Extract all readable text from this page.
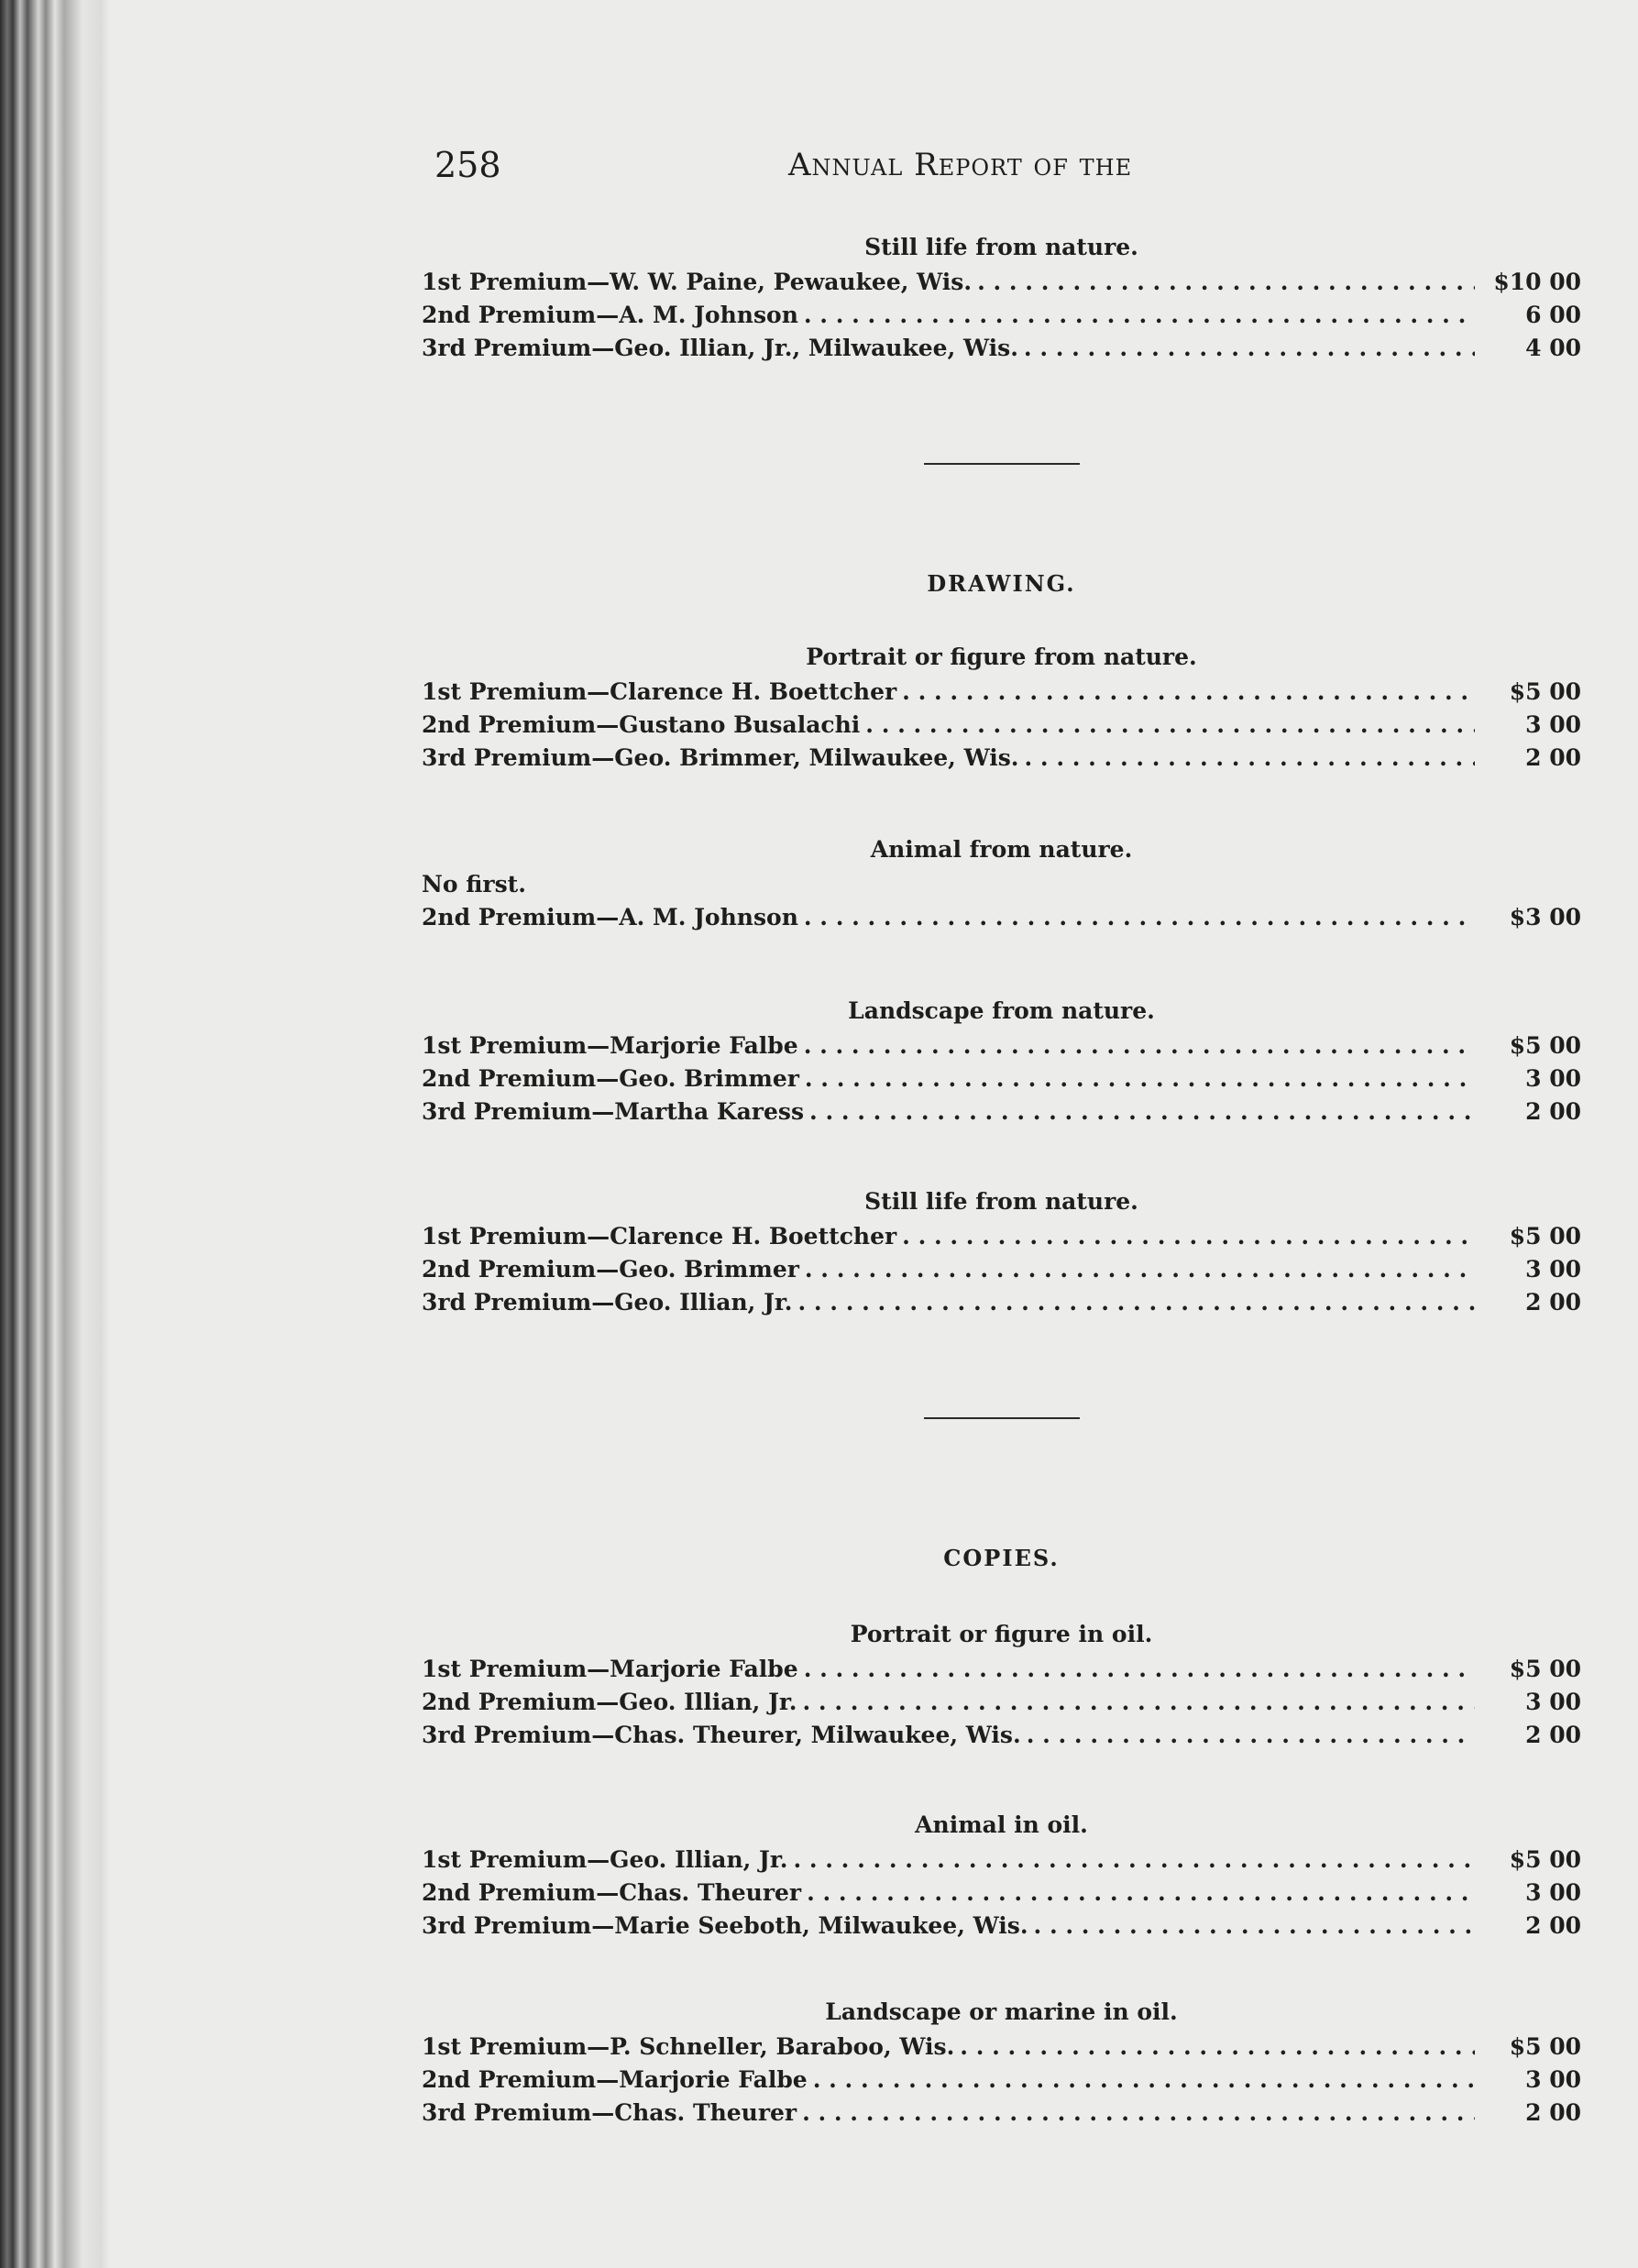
258	Annual Report of the

Still life from nature.

1st Premium—W. W. Paine, Pewaukee, Wis. . . .	$10 00
2nd Premium—A. M. Johnson . . .	6 00
3rd Premium—Geo. Illian, Jr., Milwaukee, Wis. . . .	4 00

DRAWING.

Portrait or figure from nature.

1st Premium—Clarence H. Boettcher . . .	$5 00
2nd Premium—Gustano Busalachi . . .	3 00
3rd Premium—Geo. Brimmer, Milwaukee, Wis. . . .	2 00

Animal from nature.

No first.
2nd Premium—A. M. Johnson . . .	$3 00

Landscape from nature.

1st Premium—Marjorie Falbe . . .	$5 00
2nd Premium—Geo. Brimmer . . .	3 00
3rd Premium—Martha Karess . . .	2 00

Still life from nature.

1st Premium—Clarence H. Boettcher . . .	$5 00
2nd Premium—Geo. Brimmer . . .	3 00
3rd Premium—Geo. Illian, Jr. . . .	2 00

COPIES.

Portrait or figure in oil.

1st Premium—Marjorie Falbe . . .	$5 00
2nd Premium—Geo. Illian, Jr. . . .	3 00
3rd Premium—Chas. Theurer, Milwaukee, Wis. . . .	2 00

Animal in oil.

1st Premium—Geo. Illian, Jr. . . .	$5 00
2nd Premium—Chas. Theurer . . .	3 00
3rd Premium—Marie Seeboth, Milwaukee, Wis. . . .	2 00

Landscape or marine in oil.

1st Premium—P. Schneller, Baraboo, Wis. . . .	$5 00
2nd Premium—Marjorie Falbe . . .	3 00
3rd Premium—Chas. Theurer . . .	2 00
